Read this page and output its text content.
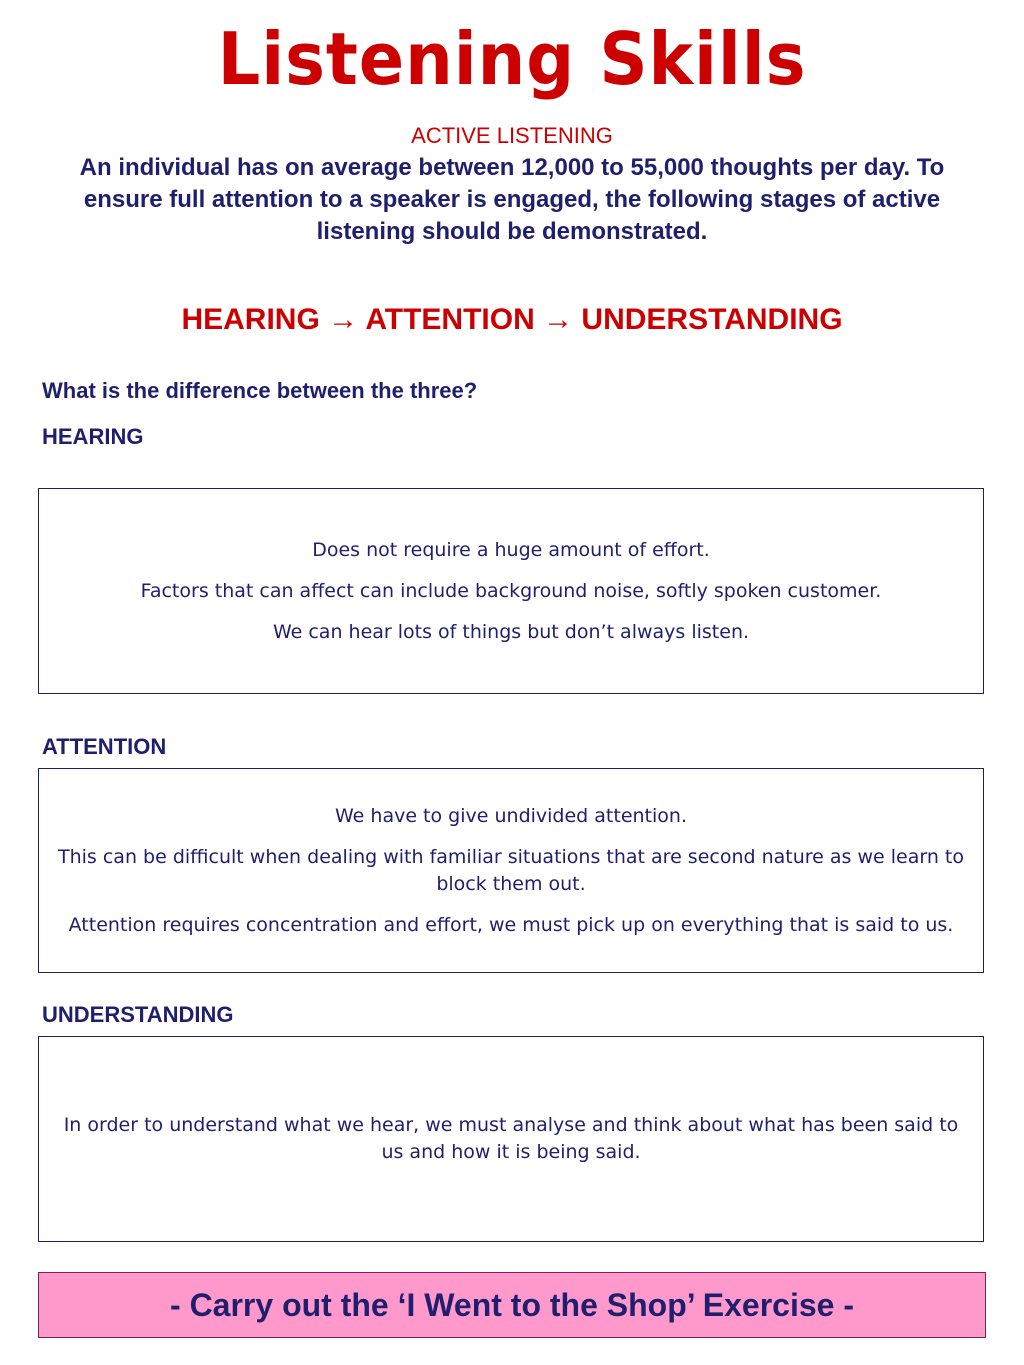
Listening Skills
ACTIVE LISTENING
An individual has on average between 12,000 to 55,000 thoughts per day. To ensure full attention to a speaker is engaged, the following stages of active listening should be demonstrated.
HEARING → ATTENTION → UNDERSTANDING
What is the difference between the three?
HEARING

Does not require a huge amount of effort.

Factors that can affect can include background noise, softly spoken customer.

We can hear lots of things but don’t always listen.

ATTENTION

We have to give undivided attention.

This can be difficult when dealing with familiar situations that are second nature as we learn to block them out.

Attention requires concentration and effort, we must pick up on everything that is said to us.

UNDERSTANDING

In order to understand what we hear, we must analyse and think about what has been said to us and how it is being said.

- Carry out the ‘I Went to the Shop’ Exercise -
